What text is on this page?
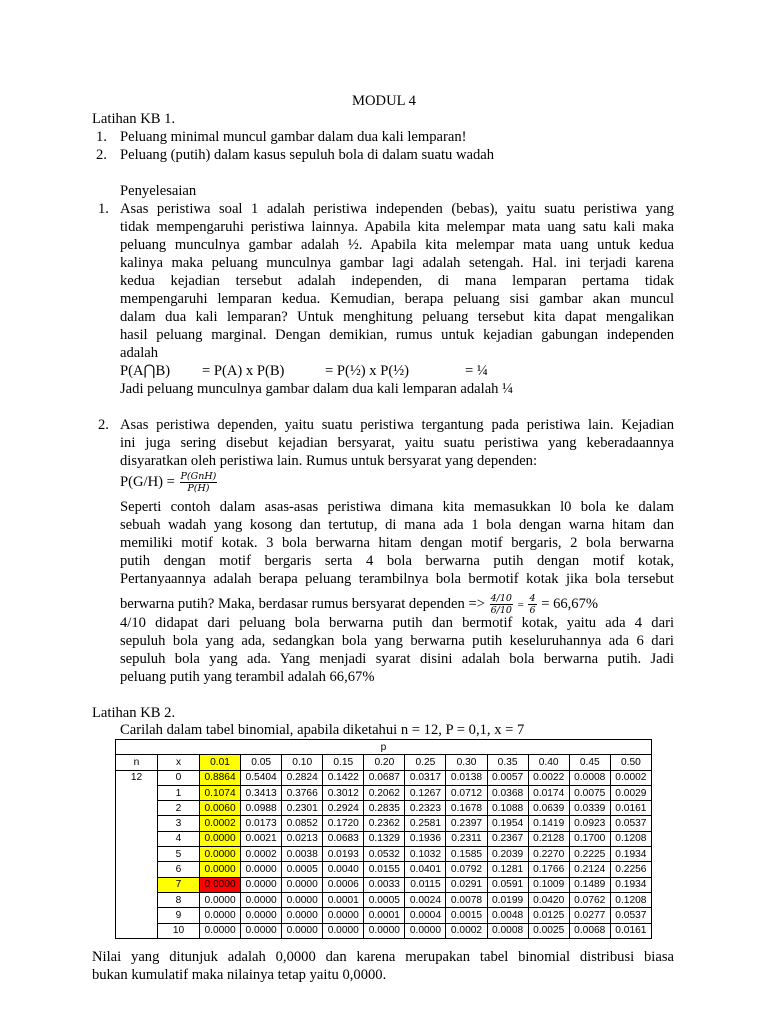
MODUL 4
Latihan KB 1.
1. Peluang minimal muncul gambar dalam dua kali lemparan!
2. Peluang (putih) dalam kasus sepuluh bola di dalam suatu wadah
Penyelesaian
1. Asas peristiwa soal 1 adalah peristiwa independen (bebas), yaitu suatu peristiwa yang
tidak mempengaruhi peristiwa lainnya. Apabila kita melempar mata uang satu kali maka
peluang munculnya gambar adalah ½. Apabila kita melempar mata uang untuk kedua
kalinya maka peluang munculnya gambar lagi adalah setengah. Hal. ini terjadi karena
kedua kejadian tersebut adalah independen, di mana lemparan pertama tidak
mempengaruhi lemparan kedua. Kemudian, berapa peluang sisi gambar akan muncul
dalam dua kali lemparan? Untuk menghitung peluang tersebut kita dapat mengalikan
hasil peluang marginal. Dengan demikian, rumus untuk kejadian gabungan independen
adalah
P(A⋂B) = P(A) x P(B)	= P(½) x P(½)	= ¼
Jadi peluang munculnya gambar dalam dua kali lemparan adalah ¼
2. Asas peristiwa dependen, yaitu suatu peristiwa tergantung pada peristiwa lain. Kejadian
ini juga sering disebut kejadian bersyarat, yaitu suatu peristiwa yang keberadaannya
disyaratkan oleh peristiwa lain. Rumus untuk bersyarat yang dependen:
$P(G/H) = \frac{\text{P(GnH)}}{P(H)}$
Seperti contoh dalam asas-asas peristiwa dimana kita memasukkan l0 bola ke dalam
sebuah wadah yang kosong dan tertutup, di mana ada 1 bola dengan warna hitam dan
memiliki motif kotak. 3 bola berwarna hitam dengan motif bergaris, 2 bola berwarna
putih dengan motif bergaris serta 4 bola berwarna putih dengan motif kotak,
Pertanyaannya adalah berapa peluang terambilnya bola bermotif kotak jika bola tersebut
berwarna putih? Maka, berdasar rumus bersyarat dependen => $\frac{4/10}{6/10} = \frac{4}{6} = 66,67\%$
4/10 didapat dari peluang bola berwarna putih dan bermotif kotak, yaitu ada 4 dari
sepuluh bola yang ada, sedangkan bola yang berwarna putih keseluruhannya ada 6 dari
sepuluh bola yang ada. Yang menjadi syarat disini adalah bola berwarna putih. Jadi
peluang putih yang terambil adalah 66,67%
Latihan KB 2.
Carilah dalam tabel binomial, apabila diketahui n = 12, P = 0,1, x = 7
p												
n	x	0.01	0.05	0.10	0.15	0.20	0.25	0.30	0.35	0.40	0.45	0.50
12	0	0.8864	0.5404	0.2824	0.1422	0.0687	0.0317	0.0138	0.0057	0.0022	0.0008	0.0002
	1	0.1074	0.3413	0.3766	0.3012	0.2062	0.1267	0.0712	0.0368	0.0174	0.0075	0.0029
	2	0.0060	0.0988	0.2301	0.2924	0.2835	0.2323	0.1678	0.1088	0.0639	0.0339	0.0161
	3	0.0002	0.0173	0.0852	0.1720	0.2362	0.2581	0.2397	0.1954	0.1419	0.0923	0.0537
	4	0.0000	0.0021	0.0213	0.0683	0.1329	0.1936	0.2311	0.2367	0.2128	0.1700	0.1208
	5	0.0000	0.0002	0.0038	0.0193	0.0532	0.1032	0.1585	0.2039	0.2270	0.2225	0.1934
	6	0.0000	0.0000	0.0005	0.0040	0.0155	0.0401	0.0792	0.1281	0.1766	0.2124	0.2256
	7	0.0000	0.0000	0.0000	0.0006	0.0033	0.0115	0.0291	0.0591	0.1009	0.1489	0.1934
	8	0.0000	0.0000	0.0000	0.0001	0.0005	0.0024	0.0078	0.0199	0.0420	0.0762	0.1208
	9	0.0000	0.0000	0.0000	0.0000	0.0001	0.0004	0.0015	0.0048	0.0125	0.0277	0.0537
	10	0.0000	0.0000	0.0000	0.0000	0.0000	0.0000	0.0002	0.0008	0.0025	0.0068	0.0161
Nilai yang ditunjuk adalah 0,0000 dan karena merupakan tabel binomial distribusi biasa
bukan kumulatif maka nilainya tetap yaitu 0,0000.
